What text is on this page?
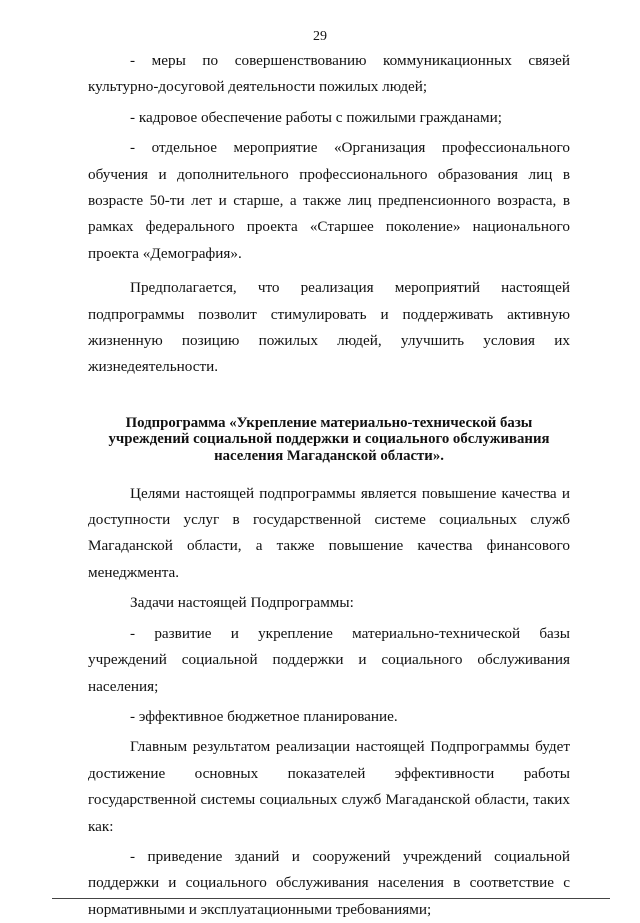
29

- меры по совершенствованию коммуникационных связей культурно-досуговой деятельности пожилых людей;

- кадровое обеспечение работы с пожилыми гражданами;

- отдельное мероприятие «Организация профессионального обучения и дополнительного профессионального образования лиц в возрасте 50-ти лет и старше, а также лиц предпенсионного возраста, в рамках федерального проекта «Старшее поколение» национального проекта «Демография».

Предполагается, что реализация мероприятий настоящей подпрограммы позволит стимулировать и поддерживать активную жизненную позицию пожилых людей, улучшить условия их жизнедеятельности.

Подпрограмма «Укрепление материально-технической базы
учреждений социальной поддержки и социального обслуживания
населения Магаданской области».

Целями настоящей подпрограммы является повышение качества и доступности услуг в государственной системе социальных служб Магаданской области, а также повышение качества финансового менеджмента.

Задачи настоящей Подпрограммы:

- развитие и укрепление материально-технической базы учреждений социальной поддержки и социального обслуживания населения;

- эффективное бюджетное планирование.

Главным результатом реализации настоящей Подпрограммы будет достижение основных показателей эффективности работы государственной системы социальных служб Магаданской области, таких как:

- приведение зданий и сооружений учреждений социальной поддержки и социального обслуживания населения в соответствие с нормативными и эксплуатационными требованиями;
